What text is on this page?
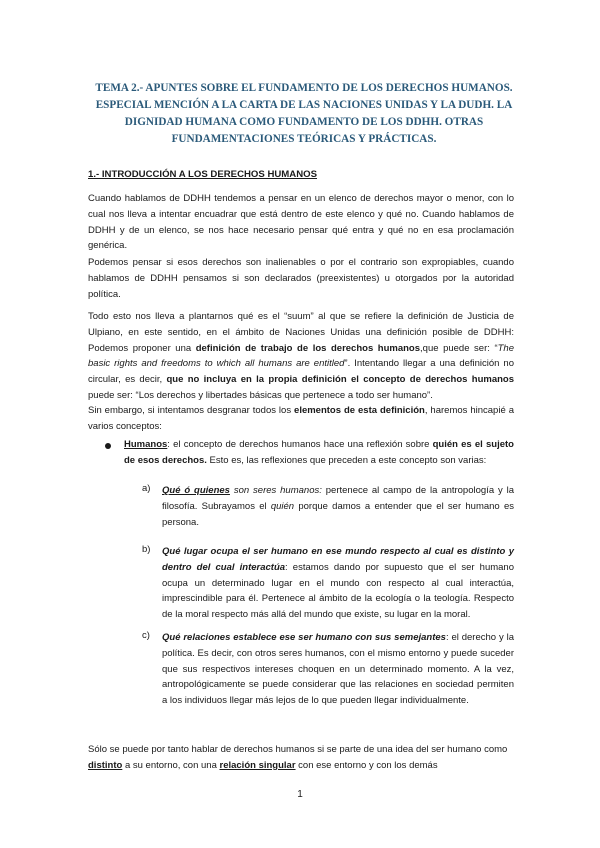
TEMA 2.- APUNTES SOBRE EL FUNDAMENTO DE LOS DERECHOS HUMANOS. ESPECIAL MENCIÓN A LA CARTA DE LAS NACIONES UNIDAS Y LA DUDH. LA DIGNIDAD HUMANA COMO FUNDAMENTO DE LOS DDHH. OTRAS FUNDAMENTACIONES TEÓRICAS Y PRÁCTICAS.
1.- INTRODUCCIÓN A LOS DERECHOS HUMANOS

Cuando hablamos de DDHH tendemos a pensar en un elenco de derechos mayor o menor, con lo cual nos lleva a intentar encuadrar que está dentro de este elenco y qué no. Cuando hablamos de DDHH y de un elenco, se nos hace necesario pensar qué entra y qué no en esa proclamación genérica.

Podemos pensar si esos derechos son inalienables o por el contrario son expropiables, cuando hablamos de DDHH pensamos si son declarados (preexistentes) u otorgados por la autoridad política.

Todo esto nos lleva a plantarnos qué es el “suum” al que se refiere la definición de Justicia de Ulpiano, en este sentido, en el ámbito de Naciones Unidas una definición posible de DDHH: Podemos proponer una definición de trabajo de los derechos humanos,que puede ser: “The basic rights and freedoms to which all humans are entitled”. Intentando llegar a una definición no circular, es decir, que no incluya en la propia definición el concepto de derechos humanos puede ser: “Los derechos y libertades básicas que pertenece a todo ser humano”.

Sin embargo, si intentamos desgranar todos los elementos de esta definición, haremos hincapié a varios conceptos:

Humanos: el concepto de derechos humanos hace una reflexión sobre quién es el sujeto de esos derechos. Esto es, las reflexiones que preceden a este concepto son varias:

a) Qué ó quienes son seres humanos: pertenece al campo de la antropología y la filosofía. Subrayamos el quién porque damos a entender que el ser humano es persona.

b) Qué lugar ocupa el ser humano en ese mundo respecto al cual es distinto y dentro del cual interactúa: estamos dando por supuesto que el ser humano ocupa un determinado lugar en el mundo con respecto al cual interactúa, imprescindible para él. Pertenece al ámbito de la ecología o la teología. Respecto de la moral respecto más allá del mundo que existe, su lugar en la moral.

c) Qué relaciones establece ese ser humano con sus semejantes: el derecho y la política. Es decir, con otros seres humanos, con el mismo entorno y puede suceder que sus respectivos intereses choquen en un determinado momento. A la vez, antropológicamente se puede considerar que las relaciones en sociedad permiten a los individuos llegar más lejos de lo que pueden llegar individualmente.

Sólo se puede por tanto hablar de derechos humanos si se parte de una idea del ser humano como distinto a su entorno, con una relación singular con ese entorno y con los demás

1
